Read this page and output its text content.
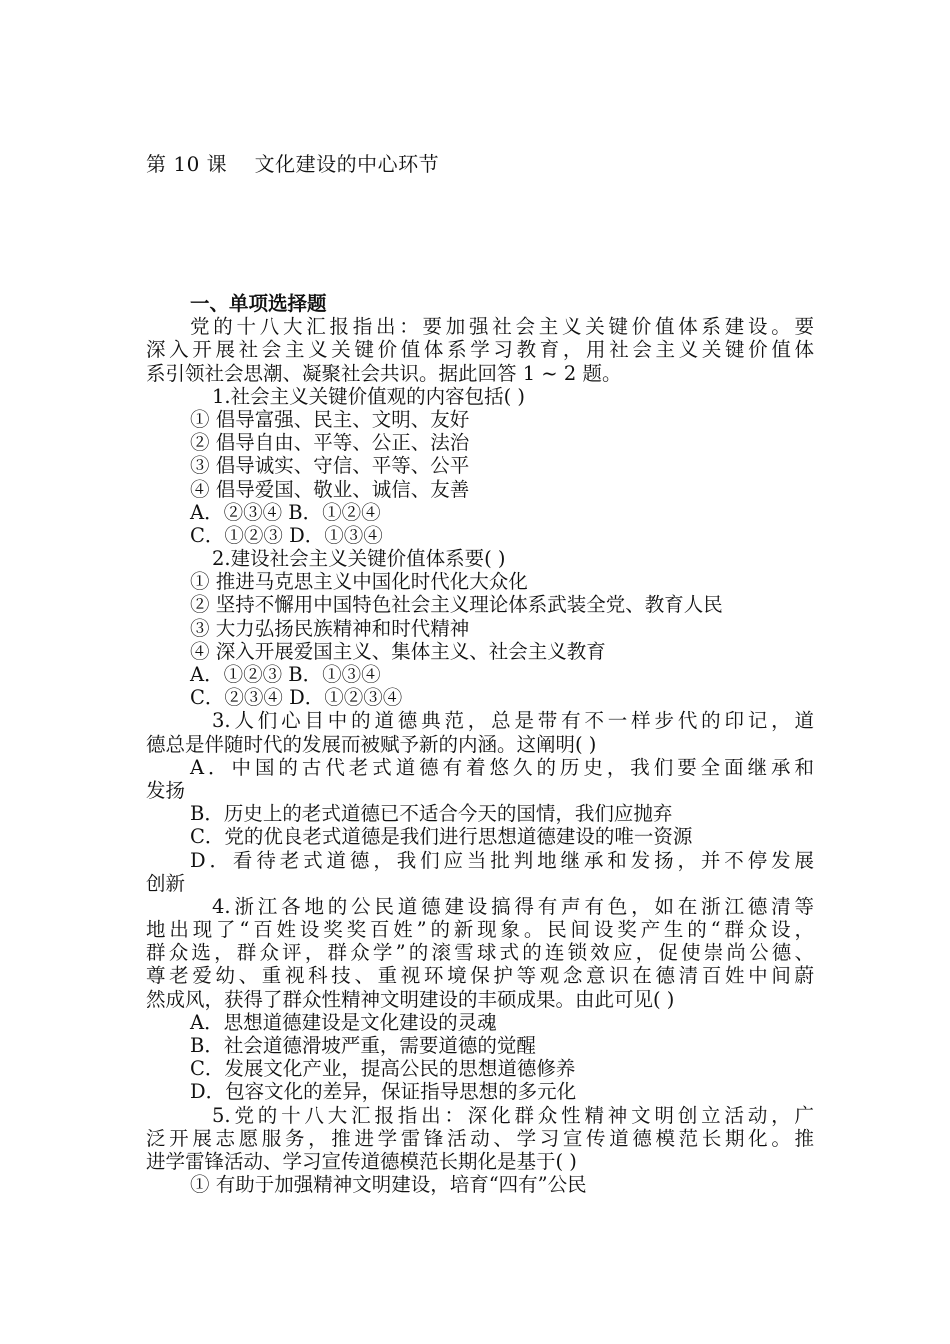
第 10 课    文化建设的中心环节
一、单项选择题
党的十八大汇报指出：要加强社会主义关键价值体系建设。要
深入开展社会主义关键价值体系学习教育，用社会主义关键价值体
系引领社会思潮、凝聚社会共识。据此回答 1 ~ 2 题。
1.社会主义关键价值观的内容包括( )
① 倡导富强、民主、文明、友好
② 倡导自由、平等、公正、法治
③ 倡导诚实、守信、平等、公平
④ 倡导爱国、敬业、诚信、友善
A．②③④ B．①②④
C．①②③ D．①③④
2.建设社会主义关键价值体系要( )
① 推进马克思主义中国化时代化大众化
② 坚持不懈用中国特色社会主义理论体系武装全党、教育人民
③ 大力弘扬民族精神和时代精神
④ 深入开展爱国主义、集体主义、社会主义教育
A．①②③ B．①③④
C．②③④ D．①②③④
3.人们心目中的道德典范，总是带有不一样步代的印记，道
德总是伴随时代的发展而被赋予新的内涵。这阐明( )
A．中国的古代老式道德有着悠久的历史，我们要全面继承和
发扬
B．历史上的老式道德已不适合今天的国情，我们应抛弃
C．党的优良老式道德是我们进行思想道德建设的唯一资源
D．看待老式道德，我们应当批判地继承和发扬，并不停发展
创新
4.浙江各地的公民道德建设搞得有声有色，如在浙江德清等
地出现了“百姓设奖奖百姓”的新现象。民间设奖产生的“群众设，
群众选，群众评，群众学”的滚雪球式的连锁效应，促使崇尚公德、
尊老爱幼、重视科技、重视环境保护等观念意识在德清百姓中间蔚
然成风，获得了群众性精神文明建设的丰硕成果。由此可见( )
A．思想道德建设是文化建设的灵魂
B．社会道德滑坡严重，需要道德的觉醒
C．发展文化产业，提高公民的思想道德修养
D．包容文化的差异，保证指导思想的多元化
5.党的十八大汇报指出：深化群众性精神文明创立活动，广
泛开展志愿服务，推进学雷锋活动、学习宣传道德模范长期化。推
进学雷锋活动、学习宣传道德模范长期化是基于( )
① 有助于加强精神文明建设，培育“四有”公民
